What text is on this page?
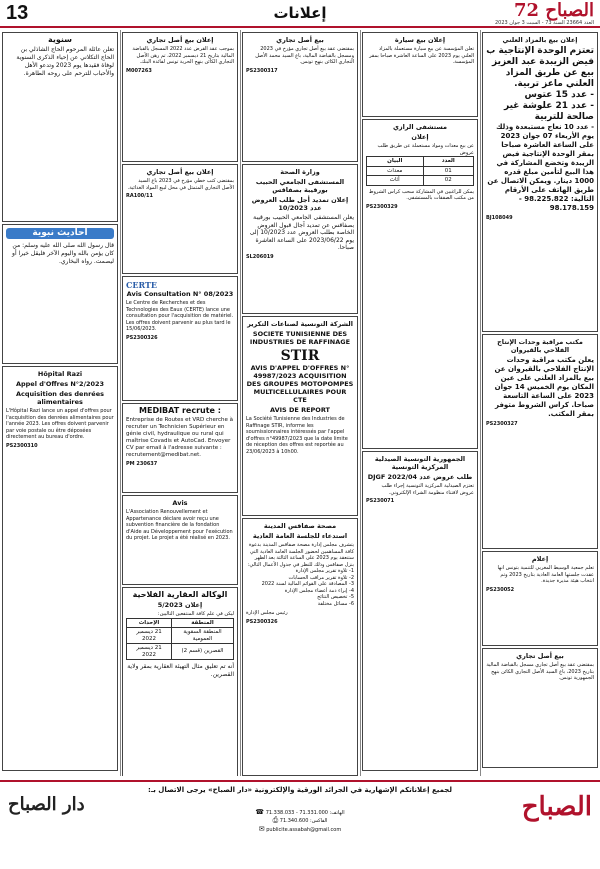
13	إعلانات	72 الصباح
العدد 23664 السنة 73 - السبت 3 جوان 2023
إعلان بيع بالمزاد العلني
تعتزم الوحدة الإنتاجية ب فيض الزيبدة عبد العزيز بيع عن طريق المزاد العلني ماعز تربية.
- عدد 15 عتوس
- عدد 21 علوشة غير صالحة للتربية
- عدد 10 نعاج مستبعدة وذلك يوم الأربعاء 07 جوان 2023 على الساعة العاشرة صباحا بمقر الوحدة الإنتاجية فيض الزيبدة وتخضع المشاركة في هذا البيع لتأمين مبلغ قدره 1000 دينار. ويمكن الاتصال عن طريق الهاتف على الأرقام التالية: 98.225.822 - 98.178.159
BJ108049
مكتب مراقبة وحدات الإنتاج الفلاحي بالقيروان
يعلن مكتب مراقبة وحدات الإنتاج الفلاحي بالقيروان عن بيع بالمزاد العلني على عين المكان يوم الخميس 14 جوان 2023 على الساعة التاسعة صباحا. كراس الشروط متوفر بمقر المكتب.
PS2300327
إعلام
تعلم جمعية الوسيط المغربي للتنمية بتونس انها عقدت جلستها العامة العادية بتاريخ 2023 وتم انتخاب هيئة مديرة جديدة.
PS230052
بيع أصل تجاري
بمقتضى عقد بيع أصل تجاري مسجل بالقباضة المالية بتاريخ 2023، باع السيد الأصل التجاري الكائن بنهج الجمهورية تونس.
إعلان بيع سيارة
تعلن المؤسسة عن بيع سيارة مستعملة بالمزاد العلني يوم 2023 على الساعة العاشرة صباحا بمقر المؤسسة.
مستشفى الرازي
إعلان
عن بيع معدات ومواد مستعملة عن طريق طلب عروض
العدد	البيان
01	معدات
02	أثاث
يمكن للراغبين في المشاركة سحب كراس الشروط من مكتب الصفقات بالمستشفى.
PS2300329
الجمهورية التونسية الصيدلية المركزية التونسية
طلب عروض عدد DJGF 2022/04
تعتزم الصيدلية المركزية التونسية إجراء طلب عروض لاقتناء منظومة الشراء الإلكتروني.
PS230071
بيع أصل تجاري
بمقتضى عقد بيع أصل تجاري مؤرخ في 2023 ومسجل بالقباضة المالية، باع السيد محمد الأصل التجاري الكائن بنهج تونس.
PS2300317
وزارة الصحة
المستشفى الجامعي الحبيب بورقيبة بصفاقس
إعلان تمديد أجل طلب العروض عدد 10/2023
يعلن المستشفى الجامعي الحبيب بورقيبة بصفاقس عن تمديد آجال قبول العروض الخاصة بطلب العروض عدد 10/2023 إلى يوم 2023/06/22 على الساعة العاشرة صباحا.
SL206019
الشركة التونسية لصناعات التكرير
SOCIETE TUNISIENNE DES INDUSTRIES DE RAFFINAGE
STIR
AVIS D'APPEL D'OFFRES N° 49987/2023 ACQUISITION DES GROUPES MOTOPOMPES MULTICELLULAIRES POUR CTE
AVIS DE REPORT
La Société Tunisienne des Industries de Raffinage STIR, informe les soumissionnaires intéressés par l'appel d'offres n°49987/2023 que la date limite de réception des offres est reportée au 23/06/2023 à 10h00.
مصحة صفاقس المدينة
استدعاء للجلسة العامة العادية
يتشرف مجلس إدارة مصحة صفاقس المدينة بدعوة كافة المساهمين لحضور الجلسة العامة العادية التي ستنعقد يوم 2023 على الساعة الثالثة بعد الظهر بنزل صفاقس وذلك للنظر في جدول الأعمال التالي:
1- تلاوة تقرير مجلس الإدارة
2- تلاوة تقرير مراقب الحسابات
3- المصادقة على القوائم المالية لسنة 2022
4- إبراء ذمة أعضاء مجلس الإدارة
5- تخصيص النتائج
6- مسائل مختلفة
رئيس مجلس الإدارة
PS2300326
إعلان بيع أصل تجاري
بموجب عقد القرض عدد 2022 المسجل بالقباضة المالية بتاريخ 21 ديسمبر 2022، تم رهن الأصل التجاري الكائن بنهج الحرية تونس لفائدة البنك.
M007263
إعلان بيع أصل تجاري
بمقتضى كتب خطي مؤرخ في 2023 باع السيد الأصل التجاري المتمثل في محل لبيع المواد الغذائية.
RA100/11
CERTE
Avis Consultation N° 08/2023
Le Centre de Recherches et des Technologies des Eaux (CERTE) lance une consultation pour l'acquisition de matériel. Les offres doivent parvenir au plus tard le 15/06/2023.
PS2300326
MEDIBAT recrute :
Entreprise de Routes et VRD cherche à recruter un Technicien Supérieur en génie civil, hydraulique ou rural qui maîtrise Covadis et AutoCad. Envoyer CV par email à l'adresse suivante : recrutement@medibat.net.
PM 230637
Avis
L'Association Renouvellement et Appartenance déclare avoir reçu une subvention financière de la fondation d'Aide au Développement pour l'exécution du projet. Le projet a été réalisé en 2023.
الوكالة العقارية الفلاحية
إعلان 5/2023
ليكن في علم كافة المنتفعين التاليين:
المنطقة	الإحداث
المنطقة السقوية العمومية	21 ديسمبر 2022
القصرين (قسم 2)	21 ديسمبر 2022
أنه تم تعليق مثال التهيئة العقارية بمقر ولاية القصرين.
سنوية
تعلن عائلة المرحوم الحاج الشاذلي بن الحاج التكلاني عن إحياء الذكرى السنوية لوفاة فقيدها يوم 2023 وتدعو الأهل والأحباب للترحم على روحه الطاهرة.
أحاديث نبوية
قال رسول الله صلى الله عليه وسلم: من كان يؤمن بالله واليوم الآخر فليقل خيرا أو ليصمت. رواه البخاري.
Hôpital Razi
Appel d'Offres N°2/2023
Acquisition des denrées alimentaires
L'Hôpital Razi lance un appel d'offres pour l'acquisition des denrées alimentaires pour l'année 2023. Les offres doivent parvenir par voie postale ou être déposées directement au bureau d'ordre.
PS2300310
لجميع إعلاناتكم الإشهارية في الجرائد الورقية والإلكترونية «دار الصباح» يرجى الاتصال بـ:
☎ الهاتف: 71.331.000 - 71.338.033
⎙ الفاكس: 71.340.600
✉ publicite.assabah@gmail.com
الصباح
دار الصباح
